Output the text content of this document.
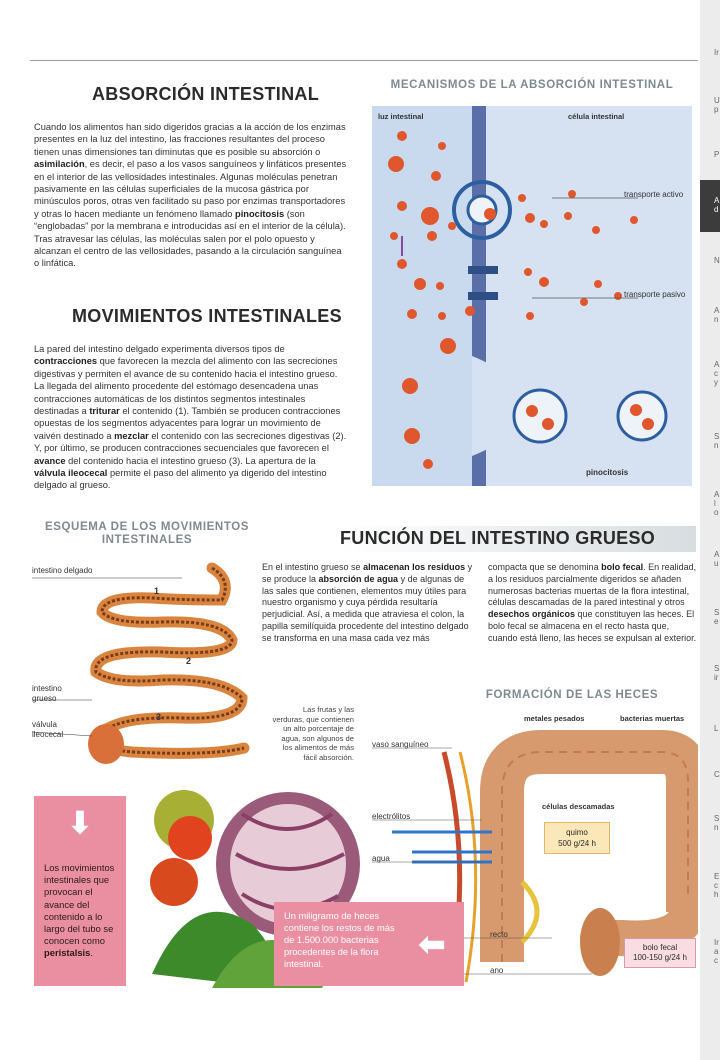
Ir
U p
P
A d
N
A n
A c y
S n
A lo
A u
S e
S ir
L
C
S n
E c h
Ir a c
ABSORCIÓN INTESTINAL
Cuando los alimentos han sido digeridos gracias a la acción de los enzimas presentes en la luz del intestino, las fracciones resultantes del proceso tienen unas dimensiones tan diminutas que es posible su absorción o asimilación, es decir, el paso a los vasos sanguíneos y linfáticos presentes en el interior de las vellosidades intestinales. Algunas moléculas penetran pasivamente en las células superficiales de la mucosa gástrica por minúsculos poros, otras ven facilitado su paso por enzimas transportadores y otras lo hacen mediante un fenómeno llamado pinocitosis (son “englobadas” por la membrana e introducidas así en el interior de la célula). Tras atravesar las células, las moléculas salen por el polo opuesto y alcanzan el centro de las vellosidades, pasando a la circulación sanguínea o linfática.
MOVIMIENTOS INTESTINALES
La pared del intestino delgado experimenta diversos tipos de contracciones que favorecen la mezcla del alimento con las secreciones digestivas y permiten el avance de su contenido hacia el intestino grueso. La llegada del alimento procedente del estómago desencadena unas contracciones automáticas de los distintos segmentos intestinales destinadas a triturar el contenido (1). También se producen contracciones opuestas de los segmentos adyacentes para lograr un movimiento de vaivén destinado a mezclar el contenido con las secreciones digestivas (2). Y, por último, se producen contracciones secuenciales que favorecen el avance del contenido hacia el intestino grueso (3). La apertura de la válvula ileocecal permite el paso del alimento ya digerido del intestino delgado al grueso.
MECANISMOS DE LA ABSORCIÓN INTESTINAL
luz intestinal	célula intestinal
transporte activo
transporte pasivo
pinocitosis
ESQUEMA DE LOS MOVIMIENTOS
INTESTINALES
intestino delgado
intestino
grueso
válvula
ileocecal
1
2
3
FUNCIÓN DEL INTESTINO GRUESO
En el intestino grueso se almacenan los residuos y se produce la absorción de agua y de algunas de las sales que contienen, elementos muy útiles para nuestro organismo y cuya pérdida resultaría perjudicial. Así, a medida que atraviesa el colon, la papilla semilíquida procedente del intestino delgado se transforma en una masa cada vez más
compacta que se denomina bolo fecal. En realidad, a los residuos parcialmente digeridos se añaden numerosas bacterias muertas de la flora intestinal, células descamadas de la pared intestinal y otros desechos orgánicos que constituyen las heces. El bolo fecal se almacena en el recto hasta que, cuando está lleno, las heces se expulsan al exterior.
Las frutas y las verduras, que contienen un alto porcentaje de agua, son algunos de los alimentos de más fácil absorción.
FORMACIÓN DE LAS HECES
metales pesados	bacterias muertas
vaso sanguíneo
células descamadas
electrólitos
quimo
500 g/24 h
agua
recto
bolo fecal
100-150 g/24 h
ano
⬇
Los movimientos intestinales que provocan el avance del contenido a lo largo del tubo se conocen como peristalsis.
Un miligramo de heces contiene los restos de más de 1.500.000 bacterias procedentes de la flora intestinal.
⬅
